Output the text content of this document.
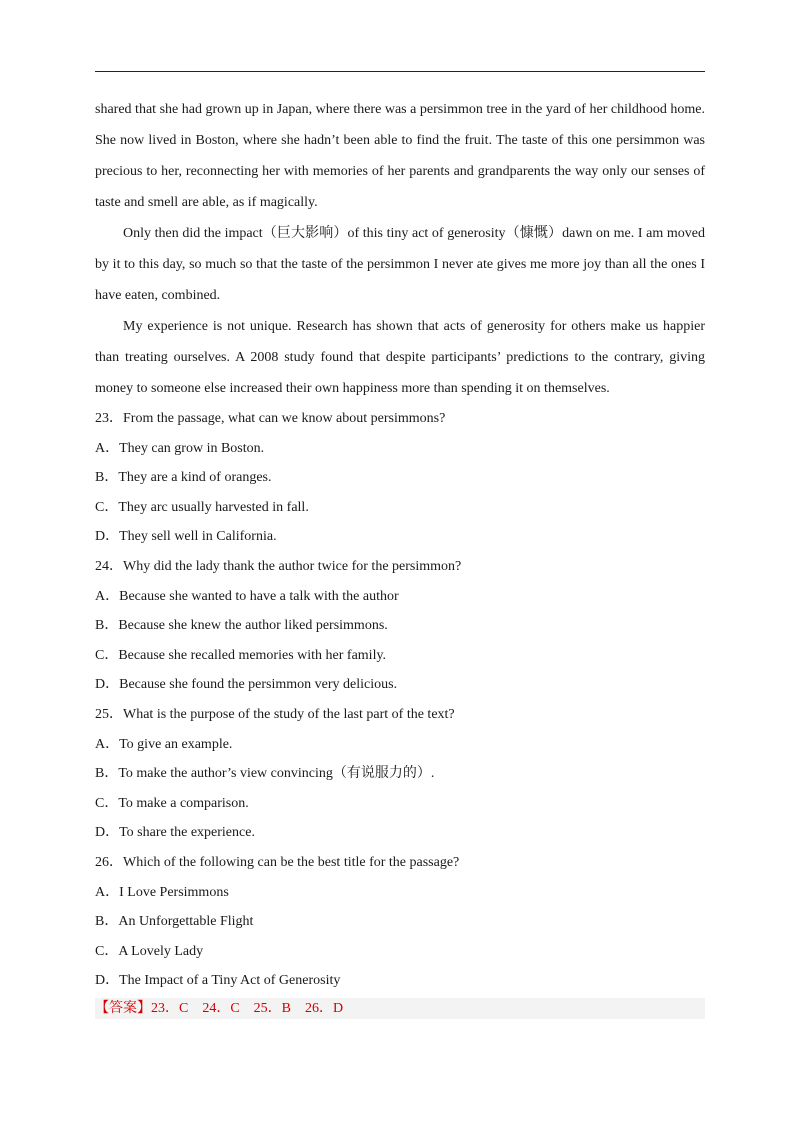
shared that she had grown up in Japan, where there was a persimmon tree in the yard of her childhood home. She now lived in Boston, where she hadn’t been able to find the fruit. The taste of this one persimmon was precious to her, reconnecting her with memories of her parents and grandparents the way only our senses of taste and smell are able, as if magically.

Only then did the impact（巨大影响）of this tiny act of generosity（慷慨）dawn on me. I am moved by it to this day, so much so that the taste of the persimmon I never ate gives me more joy than all the ones I have eaten, combined.

My experience is not unique. Research has shown that acts of generosity for others make us happier than treating ourselves. A 2008 study found that despite participants’ predictions to the contrary, giving money to someone else increased their own happiness more than spending it on themselves.

23．From the passage, what can we know about persimmons?

A．They can grow in Boston.

B．They are a kind of oranges.

C．They arc usually harvested in fall.

D．They sell well in California.

24．Why did the lady thank the author twice for the persimmon?

A．Because she wanted to have a talk with the author

B．Because she knew the author liked persimmons.

C．Because she recalled memories with her family.

D．Because she found the persimmon very delicious.

25．What is the purpose of the study of the last part of the text?

A．To give an example.

B．To make the author’s view convincing（有说服力的）.

C．To make a comparison.

D．To share the experience.

26．Which of the following can be the best title for the passage?

A．I Love Persimmons

B．An Unforgettable Flight

C．A Lovely Lady

D．The Impact of a Tiny Act of Generosity

【答案】23．C　24．C　25．B　26．D
